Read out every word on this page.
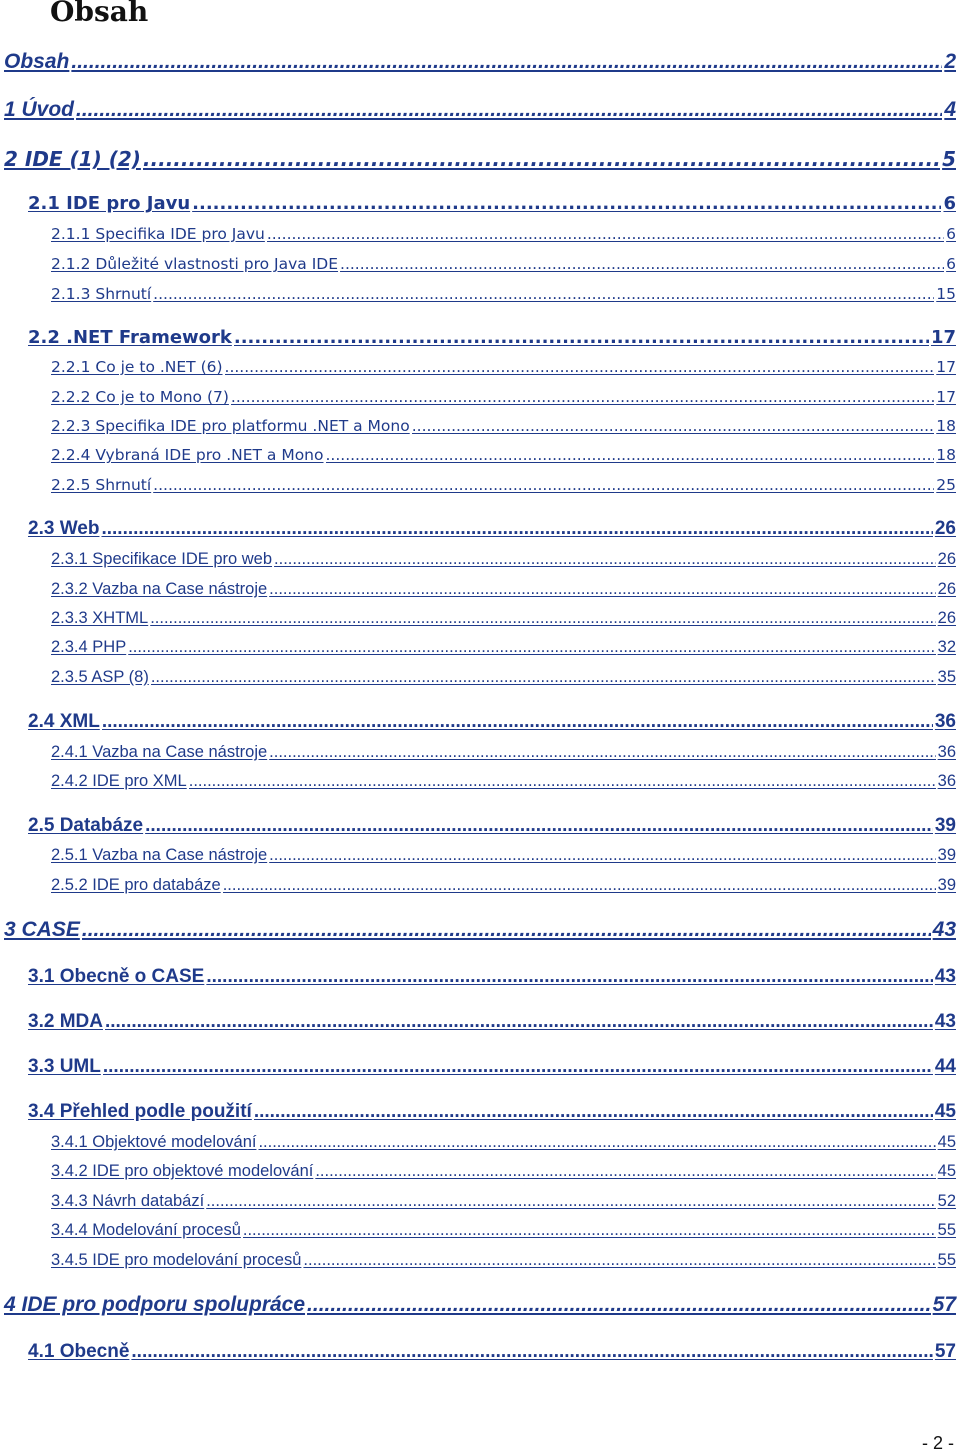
Obsah
Obsah .....	2
1 Úvod .....	4
2 IDE (1) (2) .....	5
2.1 IDE pro Javu .....	6
2.1.1 Specifika IDE pro Javu .....	6
2.1.2 Důležité vlastnosti pro Java IDE .....	6
2.1.3 Shrnutí .....	15
2.2 .NET Framework .....	17
2.2.1 Co je to .NET (6) .....	17
2.2.2 Co je to Mono (7) .....	17
2.2.3 Specifika IDE pro platformu .NET a Mono .....	18
2.2.4 Vybraná IDE pro .NET a Mono .....	18
2.2.5 Shrnutí .....	25
2.3 Web .....	26
2.3.1 Specifikace IDE pro web .....	26
2.3.2 Vazba na Case nástroje .....	26
2.3.3 XHTML .....	26
2.3.4 PHP .....	32
2.3.5 ASP (8) .....	35
2.4 XML .....	36
2.4.1 Vazba na Case nástroje .....	36
2.4.2 IDE pro XML .....	36
2.5 Databáze .....	39
2.5.1 Vazba na Case nástroje .....	39
2.5.2 IDE pro databáze .....	39
3 CASE .....	43
3.1 Obecně o CASE .....	43
3.2 MDA .....	43
3.3 UML .....	44
3.4 Přehled podle použití .....	45
3.4.1 Objektové modelování .....	45
3.4.2 IDE pro objektové modelování .....	45
3.4.3 Návrh databází .....	52
3.4.4 Modelování procesů .....	55
3.4.5 IDE pro modelování procesů .....	55
4 IDE pro podporu spolupráce .....	57
4.1 Obecně .....	57
- 2 -
